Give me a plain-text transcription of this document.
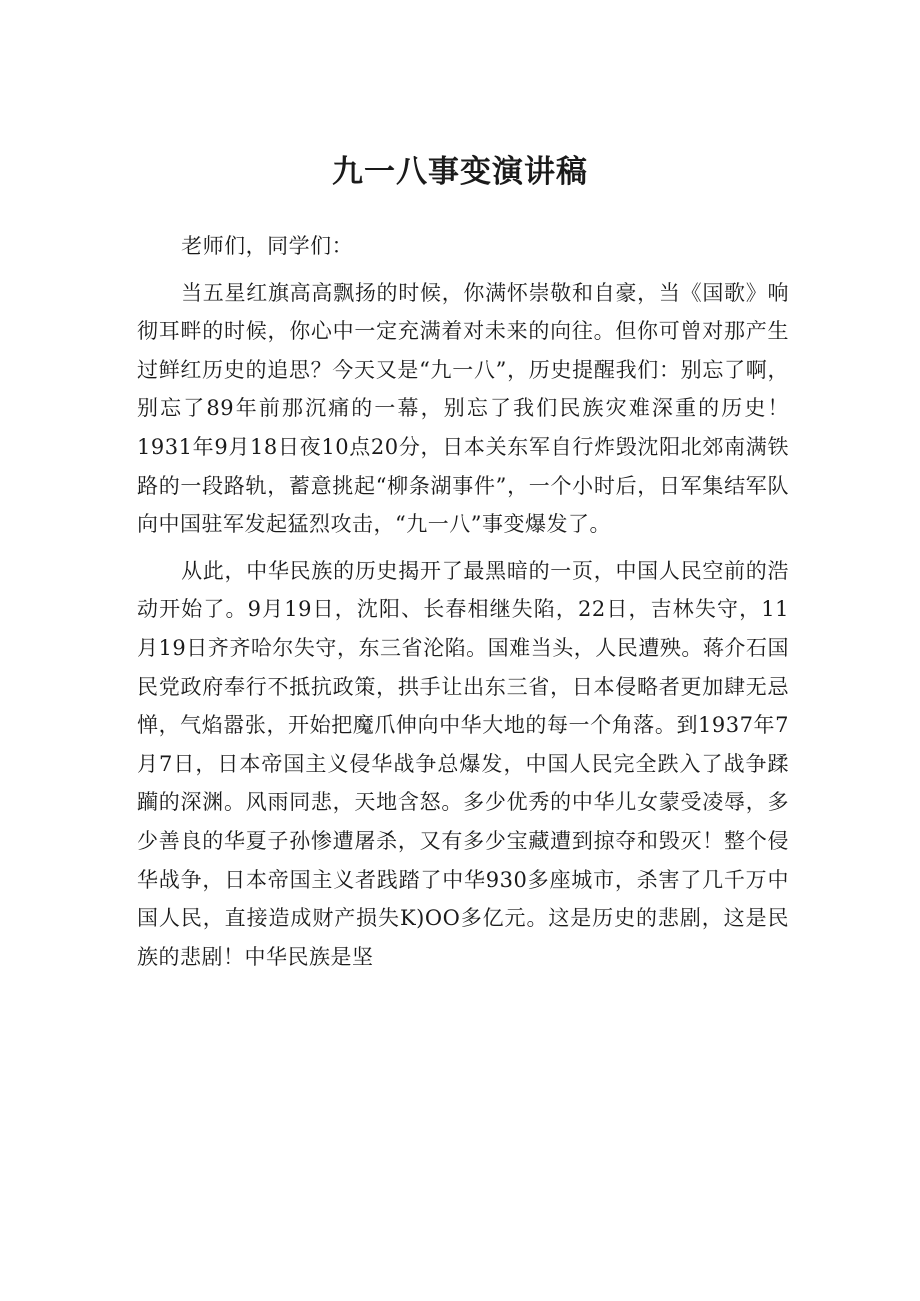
九一八事变演讲稿

老师们，同学们：

当五星红旗高高飘扬的时候，你满怀崇敬和自豪，当《国歌》响彻耳畔的时候，你心中一定充满着对未来的向往。但你可曾对那产生过鲜红历史的追思？今天又是“九一八”，历史提醒我们：别忘了啊，别忘了89年前那沉痛的一幕，别忘了我们民族灾难深重的历史！1931年9月18日夜10点20分，日本关东军自行炸毁沈阳北郊南满铁路的一段路轨，蓄意挑起“柳条湖事件”，一个小时后，日军集结军队向中国驻军发起猛烈攻击，“九一八”事变爆发了。

从此，中华民族的历史揭开了最黑暗的一页，中国人民空前的浩动开始了。9月19日，沈阳、长春相继失陷，22日，吉林失守，11月19日齐齐哈尔失守，东三省沦陷。国难当头，人民遭殃。蒋介石国民党政府奉行不抵抗政策，拱手让出东三省，日本侵略者更加肆无忌惮，气焰嚣张，开始把魔爪伸向中华大地的每一个角落。到1937年7月7日，日本帝国主义侵华战争总爆发，中国人民完全跌入了战争蹂躏的深渊。风雨同悲，天地含怒。多少优秀的中华儿女蒙受凌辱，多少善良的华夏子孙惨遭屠杀，又有多少宝藏遭到掠夺和毁灭！整个侵华战争，日本帝国主义者践踏了中华930多座城市，杀害了几千万中国人民，直接造成财产损失K)OO多亿元。这是历史的悲剧，这是民族的悲剧！中华民族是坚
